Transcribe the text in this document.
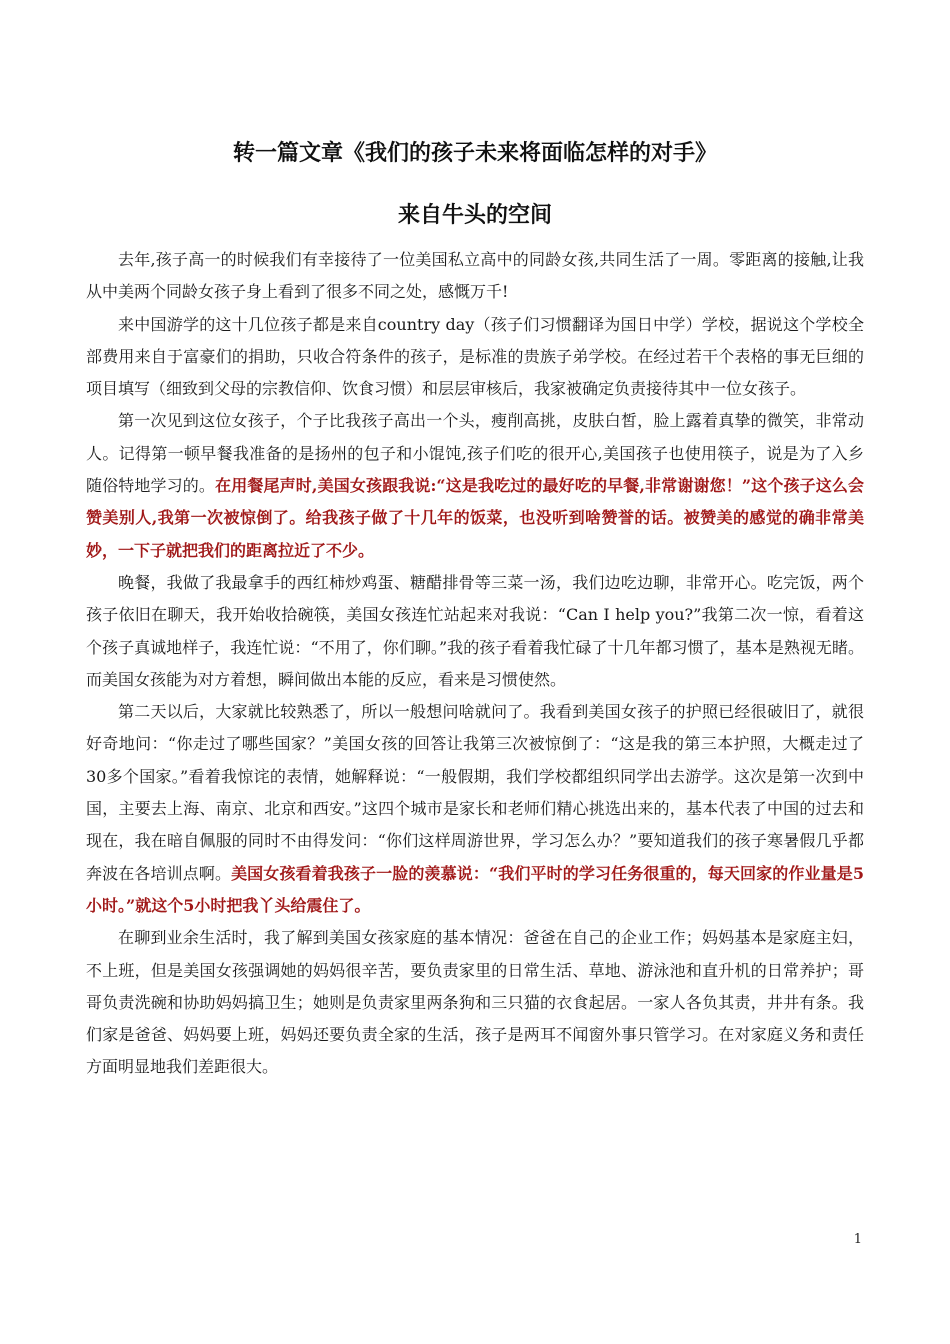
转一篇文章《我们的孩子未来将面临怎样的对手》
来自牛头的空间

去年,孩子高一的时候我们有幸接待了一位美国私立高中的同龄女孩,共同生活了一周。零距离的接触,让我从中美两个同龄女孩子身上看到了很多不同之处，感慨万千!

来中国游学的这十几位孩子都是来自country day（孩子们习惯翻译为国日中学）学校，据说这个学校全部费用来自于富豪们的捐助，只收合符条件的孩子，是标准的贵族子弟学校。在经过若干个表格的事无巨细的项目填写（细致到父母的宗教信仰、饮食习惯）和层层审核后，我家被确定负责接待其中一位女孩子。

第一次见到这位女孩子，个子比我孩子高出一个头，瘦削高挑，皮肤白皙，脸上露着真挚的微笑，非常动人。记得第一顿早餐我准备的是扬州的包子和小馄饨,孩子们吃的很开心,美国孩子也使用筷子，说是为了入乡随俗特地学习的。在用餐尾声时,美国女孩跟我说:“这是我吃过的最好吃的早餐,非常谢谢您！”这个孩子这么会赞美别人,我第一次被惊倒了。给我孩子做了十几年的饭菜，也没听到啥赞誉的话。被赞美的感觉的确非常美妙，一下子就把我们的距离拉近了不少。

晚餐，我做了我最拿手的西红柿炒鸡蛋、糖醋排骨等三菜一汤，我们边吃边聊，非常开心。吃完饭，两个孩子依旧在聊天，我开始收拾碗筷，美国女孩连忙站起来对我说：“Can I help you?”我第二次一惊，看着这个孩子真诚地样子，我连忙说：“不用了，你们聊。”我的孩子看着我忙碌了十几年都习惯了，基本是熟视无睹。而美国女孩能为对方着想，瞬间做出本能的反应，看来是习惯使然。

第二天以后，大家就比较熟悉了，所以一般想问啥就问了。我看到美国女孩子的护照已经很破旧了，就很好奇地问：“你走过了哪些国家？”美国女孩的回答让我第三次被惊倒了：“这是我的第三本护照，大概走过了30多个国家。”看着我惊诧的表情，她解释说：“一般假期，我们学校都组织同学出去游学。这次是第一次到中国，主要去上海、南京、北京和西安。”这四个城市是家长和老师们精心挑选出来的，基本代表了中国的过去和现在，我在暗自佩服的同时不由得发问：“你们这样周游世界，学习怎么办？”要知道我们的孩子寒暑假几乎都奔波在各培训点啊。美国女孩看着我孩子一脸的羡慕说：“我们平时的学习任务很重的，每天回家的作业量是5小时。”就这个5小时把我丫头给震住了。

在聊到业余生活时，我了解到美国女孩家庭的基本情况：爸爸在自己的企业工作；妈妈基本是家庭主妇，不上班，但是美国女孩强调她的妈妈很辛苦，要负责家里的日常生活、草地、游泳池和直升机的日常养护；哥哥负责洗碗和协助妈妈搞卫生；她则是负责家里两条狗和三只猫的衣食起居。一家人各负其责，井井有条。我们家是爸爸、妈妈要上班，妈妈还要负责全家的生活，孩子是两耳不闻窗外事只管学习。在对家庭义务和责任方面明显地我们差距很大。

1
